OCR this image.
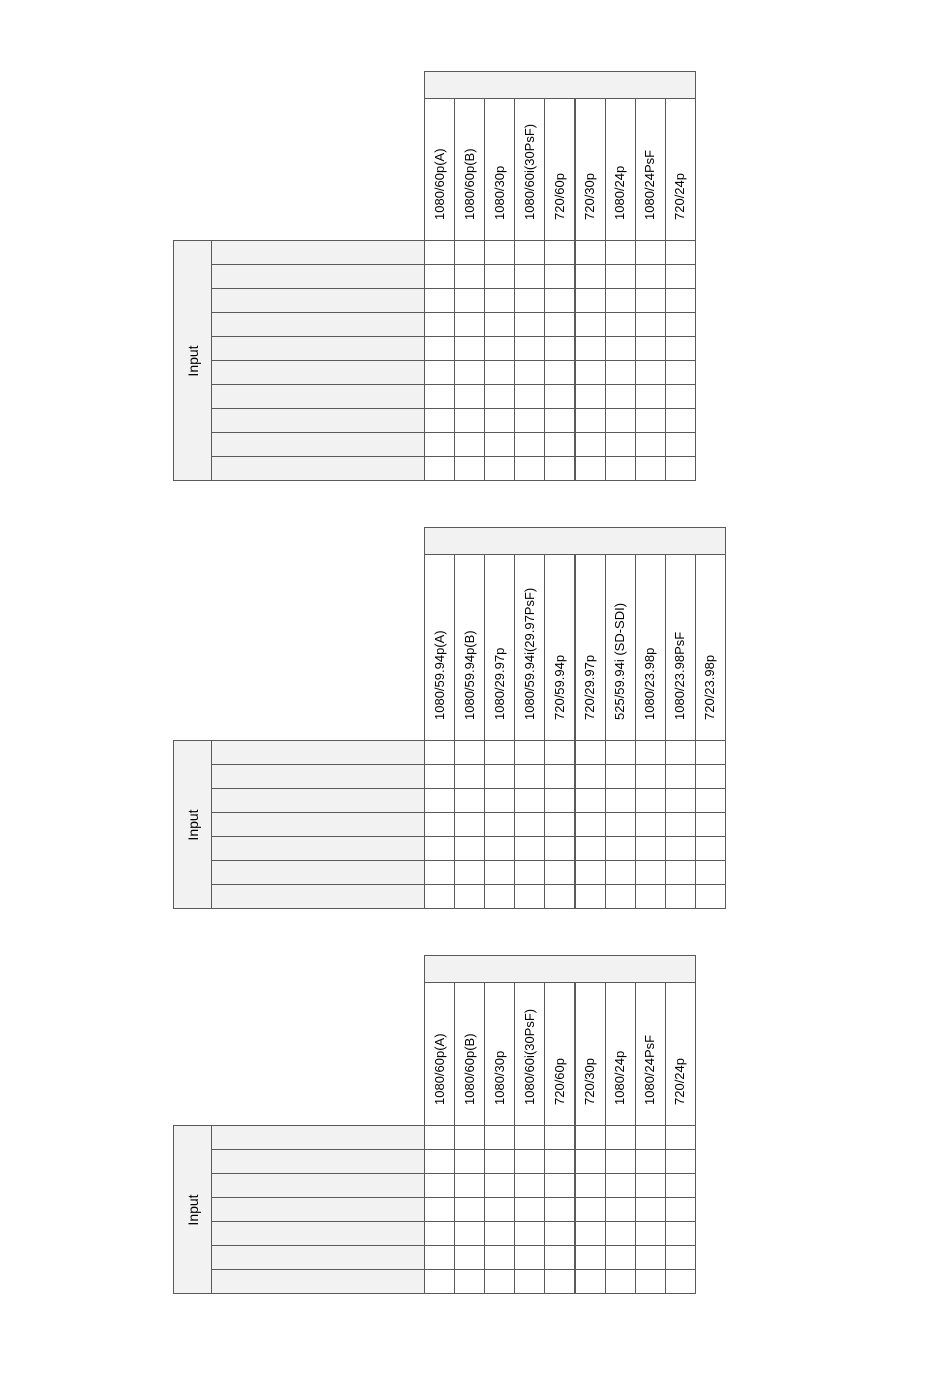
1080/60p(A) 1080/60p(B) 1080/30p 1080/60i(30PsF) 720/60p 720/30p 1080/24p 1080/24PsF 720/24p
Input
1080/59.94p(A) 1080/59.94p(B) 1080/29.97p 1080/59.94i(29.97PsF) 720/59.94p 720/29.97p 525/59.94i (SD-SDI) 1080/23.98p 1080/23.98PsF 720/23.98p
Input
1080/60p(A) 1080/60p(B) 1080/30p 1080/60i(30PsF) 720/60p 720/30p 1080/24p 1080/24PsF 720/24p
Input
